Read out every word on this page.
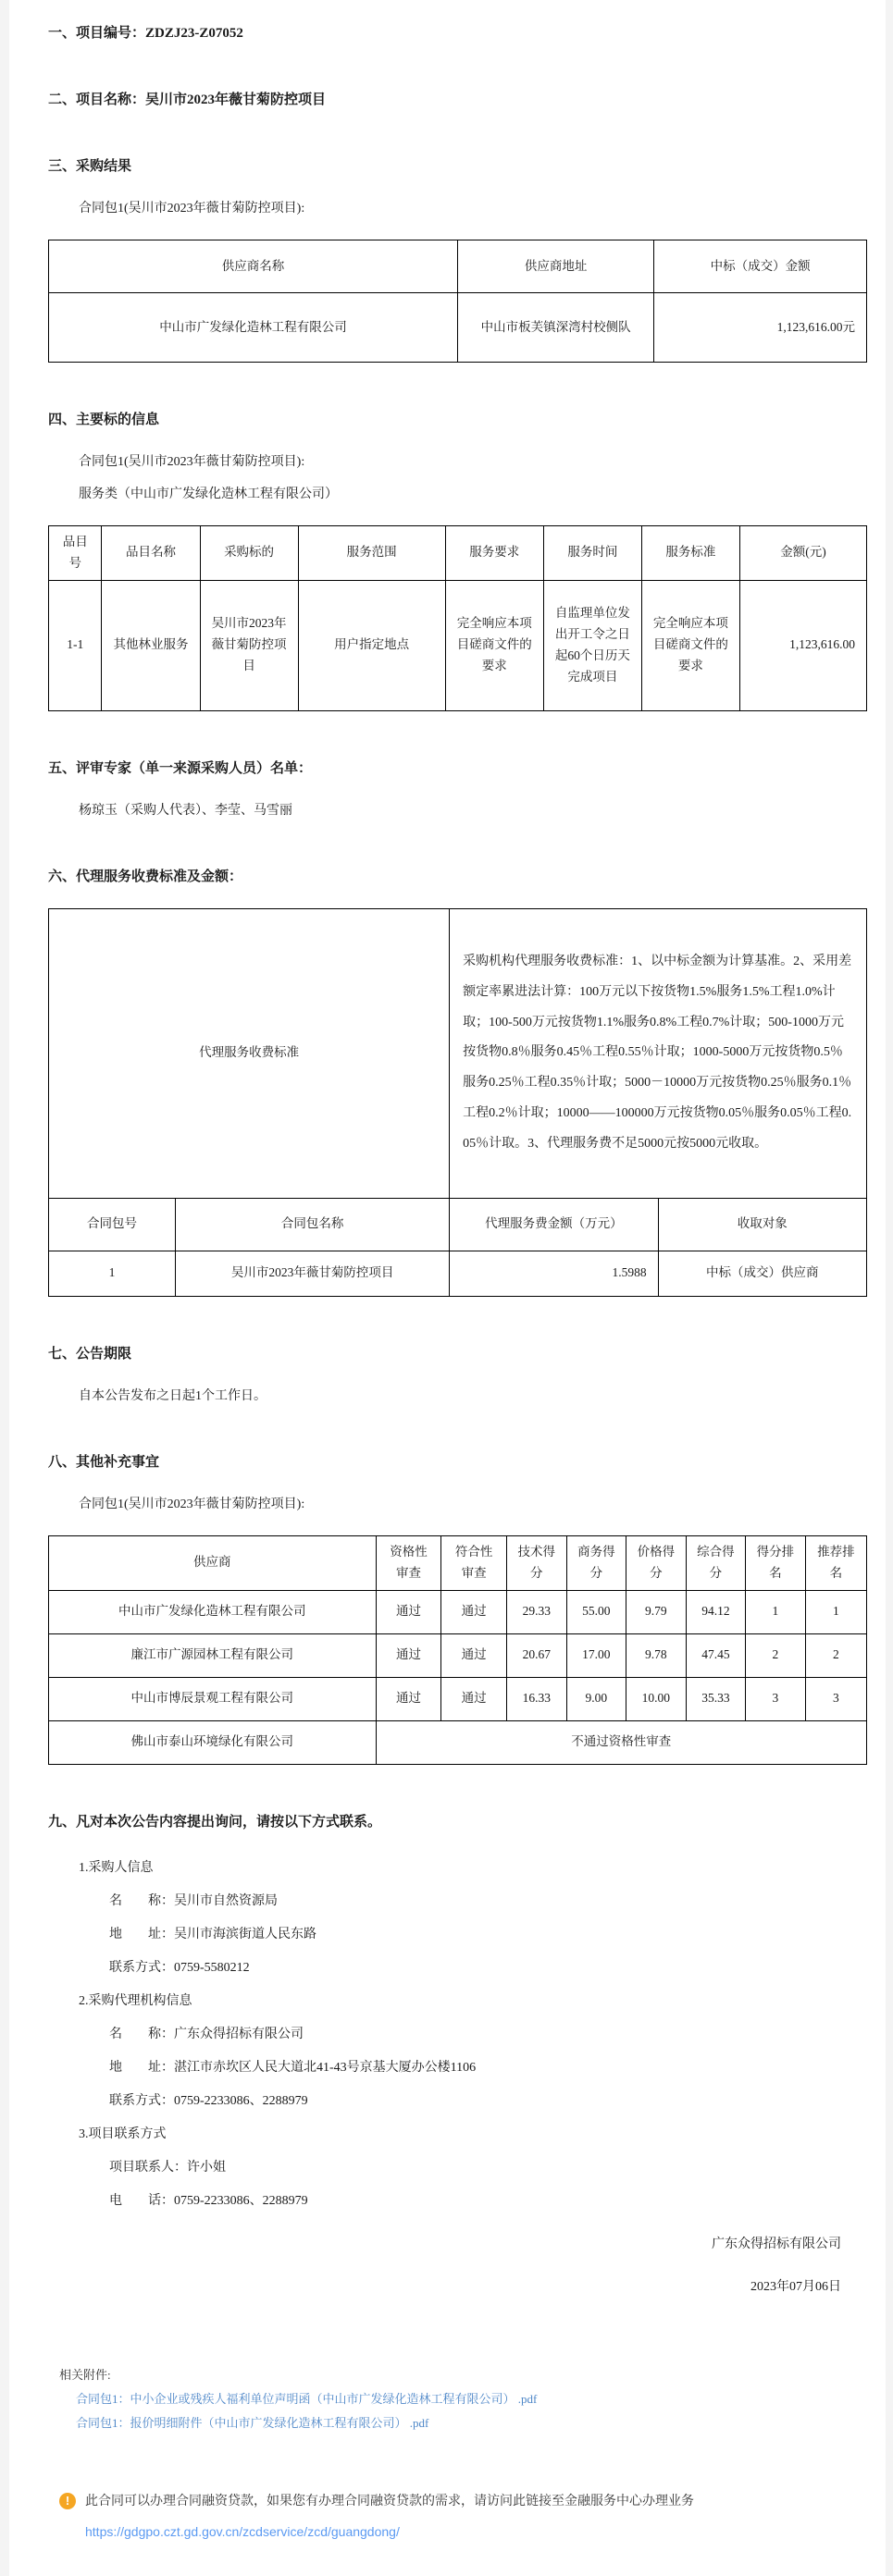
一、项目编号：ZDZJ23-Z07052
二、项目名称：吴川市2023年薇甘菊防控项目
三、采购结果
合同包1(吴川市2023年薇甘菊防控项目):
供应商名称	供应商地址	中标（成交）金额
中山市广发绿化造林工程有限公司	中山市板芙镇深湾村校侧队	1,123,616.00元
四、主要标的信息
合同包1(吴川市2023年薇甘菊防控项目):
服务类（中山市广发绿化造林工程有限公司）
品目号	品目名称	采购标的	服务范围	服务要求	服务时间	服务标准	金额(元)
1-1	其他林业服务	吴川市2023年薇甘菊防控项目	用户指定地点	完全响应本项目磋商文件的要求	自监理单位发出开工令之日起60个日历天完成项目	完全响应本项目磋商文件的要求	1,123,616.00
五、评审专家（单一来源采购人员）名单：
杨琼玉（采购人代表）、李莹、马雪丽
六、代理服务收费标准及金额：
代理服务收费标准		采购机构代理服务收费标准：1、以中标金额为计算基准。2、采用差额定率累进法计算：100万元以下按货物1.5%服务1.5%工程1.0%计取；100-500万元按货物1.1%服务0.8%工程0.7%计取；500-1000万元按货物0.8％服务0.45％工程0.55％计取；1000-5000万元按货物0.5％服务0.25％工程0.35％计取；5000－10000万元按货物0.25％服务0.1％工程0.2％计取；10000——100000万元按货物0.05％服务0.05％工程0.05％计取。3、代理服务费不足5000元按5000元收取。	
合同包号	合同包名称	代理服务费金额（万元）	收取对象
1	吴川市2023年薇甘菊防控项目	1.5988	中标（成交）供应商
七、公告期限
自本公告发布之日起1个工作日。
八、其他补充事宜
合同包1(吴川市2023年薇甘菊防控项目):
供应商	资格性审查	符合性审查	技术得分	商务得分	价格得分	综合得分	得分排名	推荐排名
中山市广发绿化造林工程有限公司	通过	通过	29.33	55.00	9.79	94.12	1	1
廉江市广源园林工程有限公司	通过	通过	20.67	17.00	9.78	47.45	2	2
中山市博辰景观工程有限公司	通过	通过	16.33	9.00	10.00	35.33	3	3
佛山市泰山环境绿化有限公司	不通过资格性审查							
九、凡对本次公告内容提出询问，请按以下方式联系。
1.采购人信息
名　　称：吴川市自然资源局
地　　址：吴川市海滨街道人民东路
联系方式：0759-5580212
2.采购代理机构信息
名　　称：广东众得招标有限公司
地　　址：湛江市赤坎区人民大道北41-43号京基大厦办公楼1106
联系方式：0759-2233086、2288979
3.项目联系方式
项目联系人：许小姐
电　　话：0759-2233086、2288979
广东众得招标有限公司
2023年07月06日
相关附件:
合同包1：中小企业或残疾人福利单位声明函（中山市广发绿化造林工程有限公司） .pdf
合同包1：报价明细附件（中山市广发绿化造林工程有限公司） .pdf
!	此合同可以办理合同融资贷款，如果您有办理合同融资贷款的需求，请访问此链接至金融服务中心办理业务
https://gdgpo.czt.gd.gov.cn/zcdservice/zcd/guangdong/
